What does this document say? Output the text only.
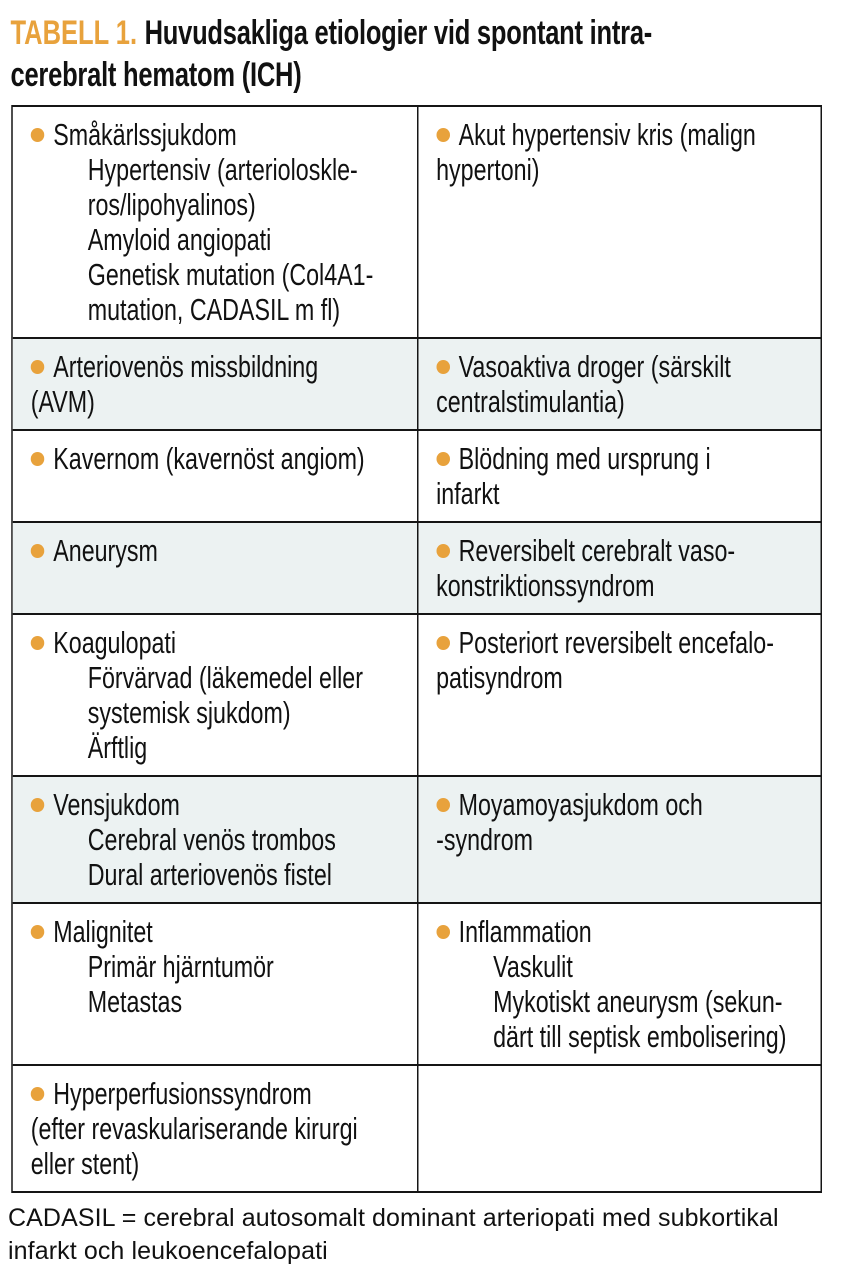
TABELL 1. Huvudsakliga etiologier vid spontant intra-
cerebralt hematom (ICH)
Småkärlssjukdom
Hypertensiv (arterioloskle-
ros/lipohyalinos)
Amyloid angiopati
Genetisk mutation (Col4A1-
mutation, CADASIL m fl)
Akut hypertensiv kris (malign
hypertoni)
Arteriovenös missbildning
(AVM)
Vasoaktiva droger (särskilt
centralstimulantia)
Kavernom (kavernöst angiom)	Blödning med ursprung i
infarkt
Aneurysm	Reversibelt cerebralt vaso-
konstriktionssyndrom
Koagulopati
Förvärvad (läkemedel eller
systemisk sjukdom)
Ärftlig
Posteriort reversibelt encefalo-
patisyndrom
Vensjukdom
Cerebral venös trombos
Dural arteriovenös fistel
Moyamoyasjukdom och
-syndrom
Malignitet
Primär hjärntumör
Metastas
Inflammation
Vaskulit
Mykotiskt aneurysm (sekun-
därt till septisk embolisering)
Hyperperfusionssyndrom
(efter revaskulariserande kirurgi
eller stent)
CADASIL = cerebral autosomalt dominant arteriopati med subkortikal
infarkt och leukoencefalopati
